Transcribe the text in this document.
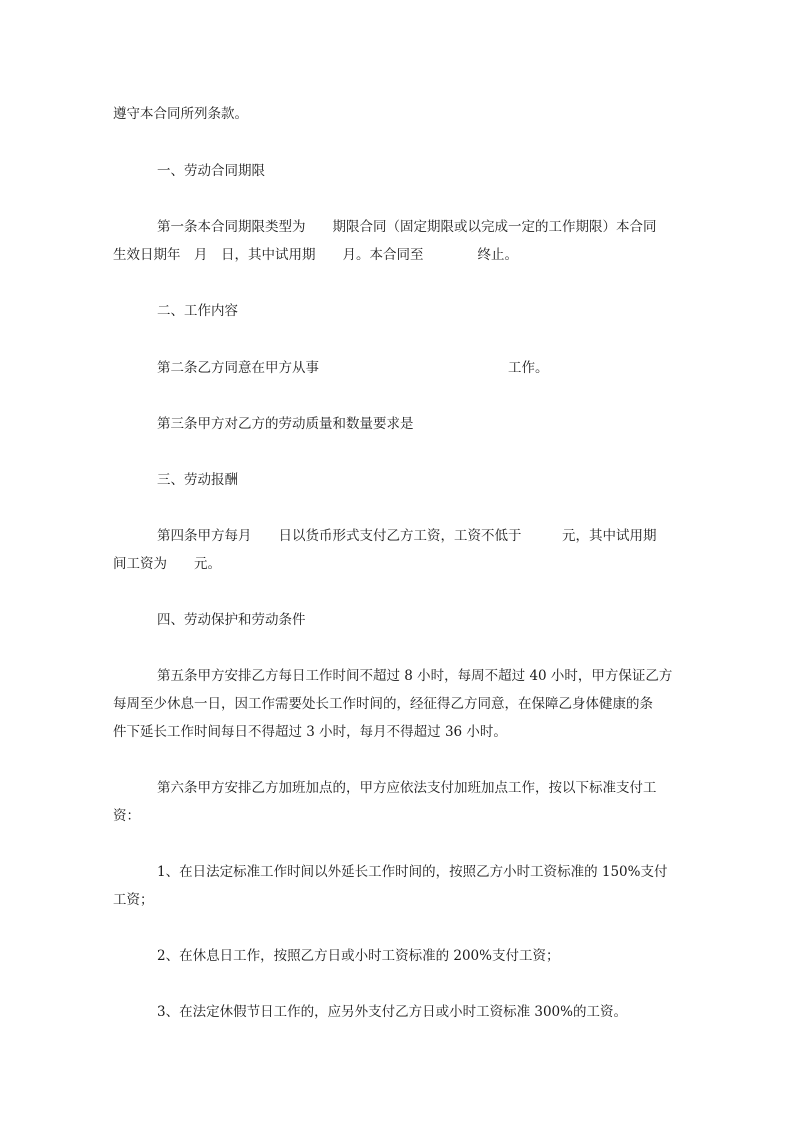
遵守本合同所列条款。
一、劳动合同期限
第一条本合同期限类型为　　期限合同（固定期限或以完成一定的工作期限）本合同
生效日期年　月　日，其中试用期　　月。本合同至　　　　终止。
二、工作内容
第二条乙方同意在甲方从事　　　　　　　　　　　　　　工作。
第三条甲方对乙方的劳动质量和数量要求是
三、劳动报酬
第四条甲方每月　　日以货币形式支付乙方工资，工资不低于　　　元，其中试用期
间工资为　　元。
四、劳动保护和劳动条件
第五条甲方安排乙方每日工作时间不超过 8 小时，每周不超过 40 小时，甲方保证乙方
每周至少休息一日，因工作需要处长工作时间的，经征得乙方同意，在保障乙身体健康的条
件下延长工作时间每日不得超过 3 小时，每月不得超过 36 小时。
第六条甲方安排乙方加班加点的，甲方应依法支付加班加点工作，按以下标准支付工
资：
1、在日法定标准工作时间以外延长工作时间的，按照乙方小时工资标准的 150%支付
工资；
2、在休息日工作，按照乙方日或小时工资标准的 200%支付工资；
3、在法定休假节日工作的，应另外支付乙方日或小时工资标准 300%的工资。
